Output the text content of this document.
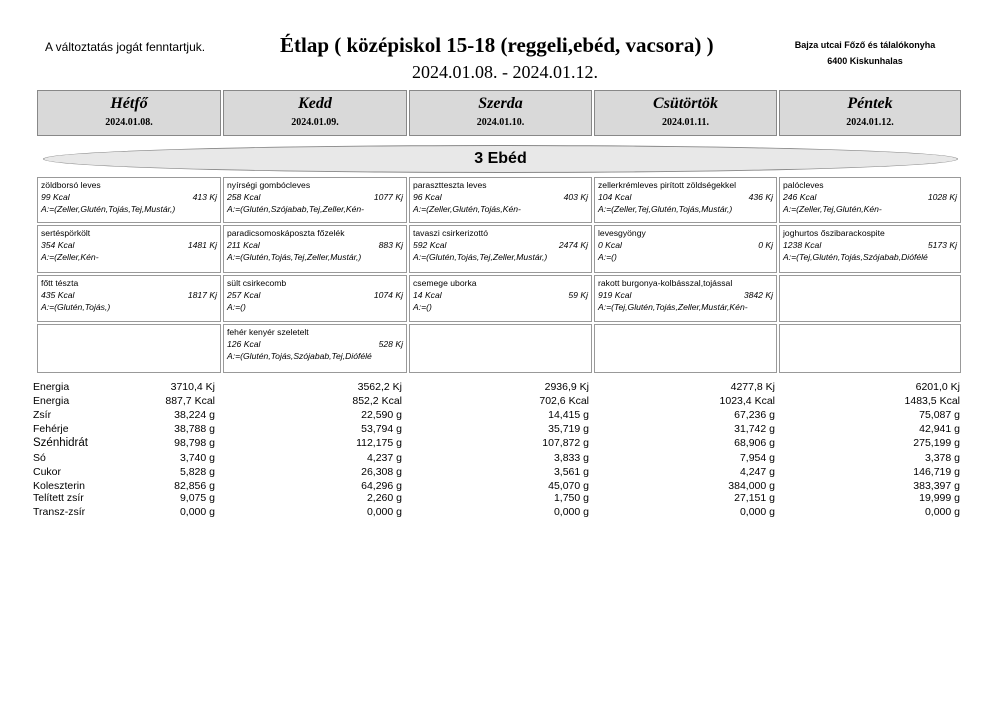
A változtatás jogát fenntartjuk.	Étlap ( középiskol 15-18 (reggeli,ebéd, vacsora) )
2024.01.08. - 2024.01.12.
Bajza utcai Főző és tálalókonyha
6400 Kiskunhalas
Hétfő
2024.01.08.
Kedd
2024.01.09.
Szerda
2024.01.10.
Csütörtök
2024.01.11.
Péntek
2024.01.12.
3 Ebéd
zöldborsó leves
99 Kcal	413 Kj
A:=(Zeller,Glutén,Tojás,Tej,Mustár,)
nyírségi gombócleves
258 Kcal	1077 Kj
A:=(Glutén,Szójabab,Tej,Zeller,Kén-
parasztteszta leves
96 Kcal	403 Kj
A:=(Zeller,Glutén,Tojás,Kén-
zellerkrémleves pirított zöldségekkel
104 Kcal	436 Kj
A:=(Zeller,Tej,Glutén,Tojás,Mustár,)
palócleves
246 Kcal	1028 Kj
A:=(Zeller,Tej,Glutén,Kén-
sertéspörkölt
354 Kcal	1481 Kj
A:=(Zeller,Kén-
paradicsomoskáposzta főzelék
211 Kcal	883 Kj
A:=(Glutén,Tojás,Tej,Zeller,Mustár,)
tavaszi csirkerizottó
592 Kcal	2474 Kj
A:=(Glutén,Tojás,Tej,Zeller,Mustár,)
levesgyöngy
0 Kcal	0 Kj
A:=()
joghurtos őszibarackospite
1238 Kcal	5173 Kj
A:=(Tej,Glutén,Tojás,Szójabab,Diófélé
főtt tészta
435 Kcal	1817 Kj
A:=(Glutén,Tojás,)
sült csirkecomb
257 Kcal	1074 Kj
A:=()
csemege uborka
14 Kcal	59 Kj
A:=()
rakott burgonya-kolbásszal,tojással
919 Kcal	3842 Kj
A:=(Tej,Glutén,Tojás,Zeller,Mustár,Kén-
fehér kenyér szeletelt
126 Kcal	528 Kj
A:=(Glutén,Tojás,Szójabab,Tej,Diófélé
Energia	3710,4 Kj	3562,2 Kj	2936,9 Kj	4277,8 Kj	6201,0 Kj
Energia	887,7 Kcal	852,2 Kcal	702,6 Kcal	1023,4 Kcal	1483,5 Kcal
Zsír	38,224 g	22,590 g	14,415 g	67,236 g	75,087 g
Fehérje	38,788 g	53,794 g	35,719 g	31,742 g	42,941 g
Szénhidrát	98,798 g	112,175 g	107,872 g	68,906 g	275,199 g
Só	3,740 g	4,237 g	3,833 g	7,954 g	3,378 g
Cukor	5,828 g	26,308 g	3,561 g	4,247 g	146,719 g
Koleszterin	82,856 g	64,296 g	45,070 g	384,000 g	383,397 g
Telített zsír	9,075 g	2,260 g	1,750 g	27,151 g	19,999 g
Transz-zsír	0,000 g	0,000 g	0,000 g	0,000 g	0,000 g
